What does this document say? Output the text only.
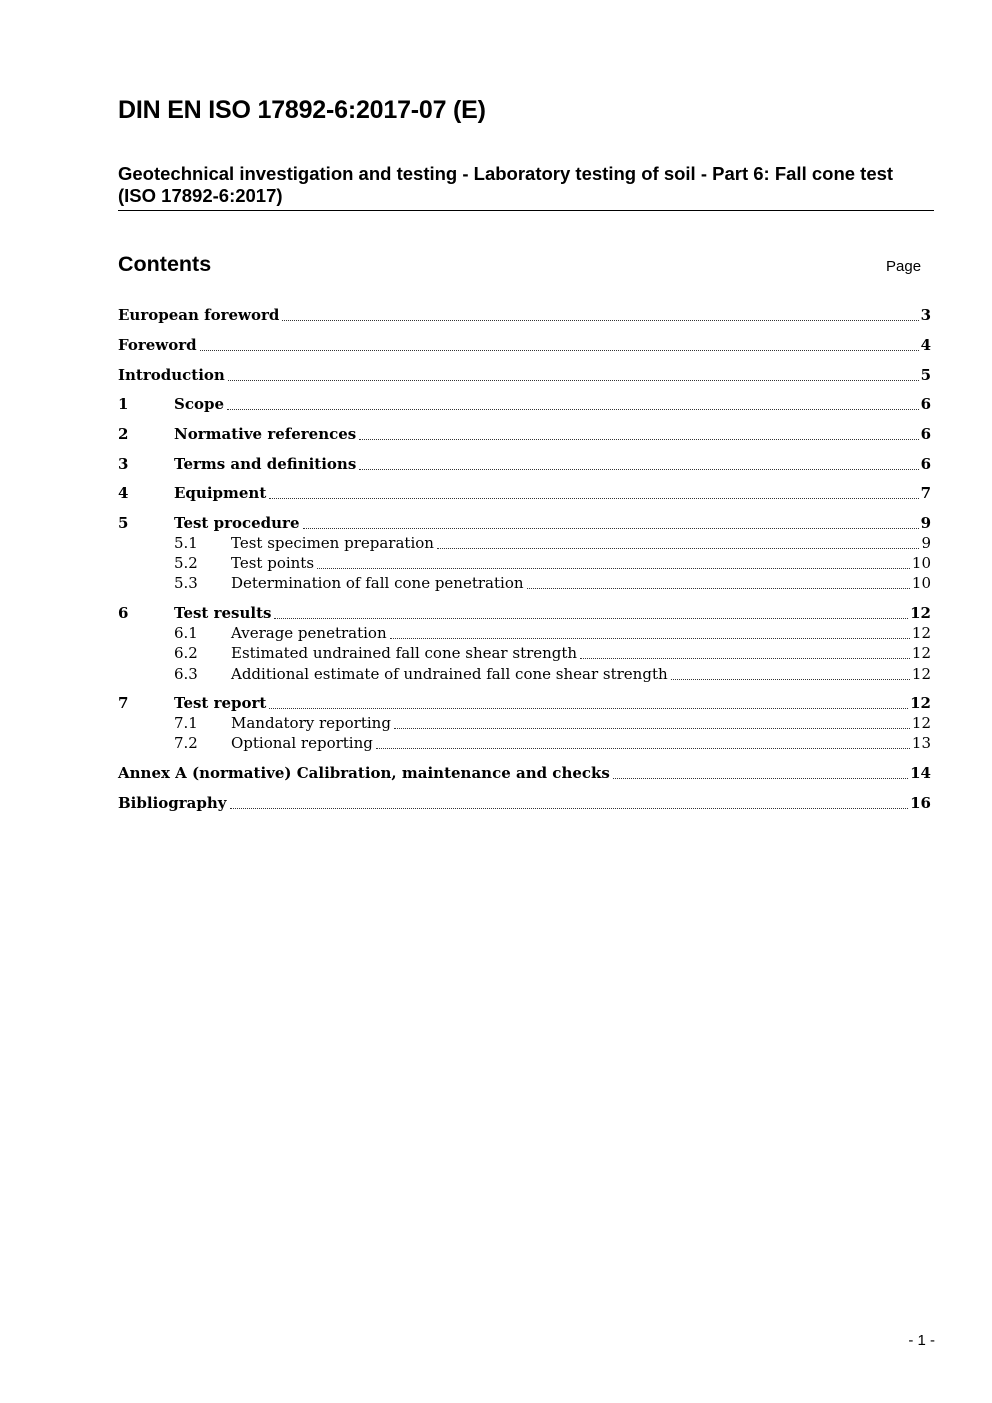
DIN EN ISO 17892-6:2017-07 (E)
Geotechnical investigation and testing - Laboratory testing of soil - Part 6: Fall cone test (ISO 17892-6:2017)
Contents	Page
European foreword	3
Foreword	4
Introduction	5
1	Scope	6
2	Normative references	6
3	Terms and definitions	6
4	Equipment	7
5	Test procedure	9
5.1	Test specimen preparation	9
5.2	Test points	10
5.3	Determination of fall cone penetration	10
6	Test results	12
6.1	Average penetration	12
6.2	Estimated undrained fall cone shear strength	12
6.3	Additional estimate of undrained fall cone shear strength	12
7	Test report	12
7.1	Mandatory reporting	12
7.2	Optional reporting	13
Annex A (normative) Calibration, maintenance and checks	14
Bibliography	16
- 1 -
